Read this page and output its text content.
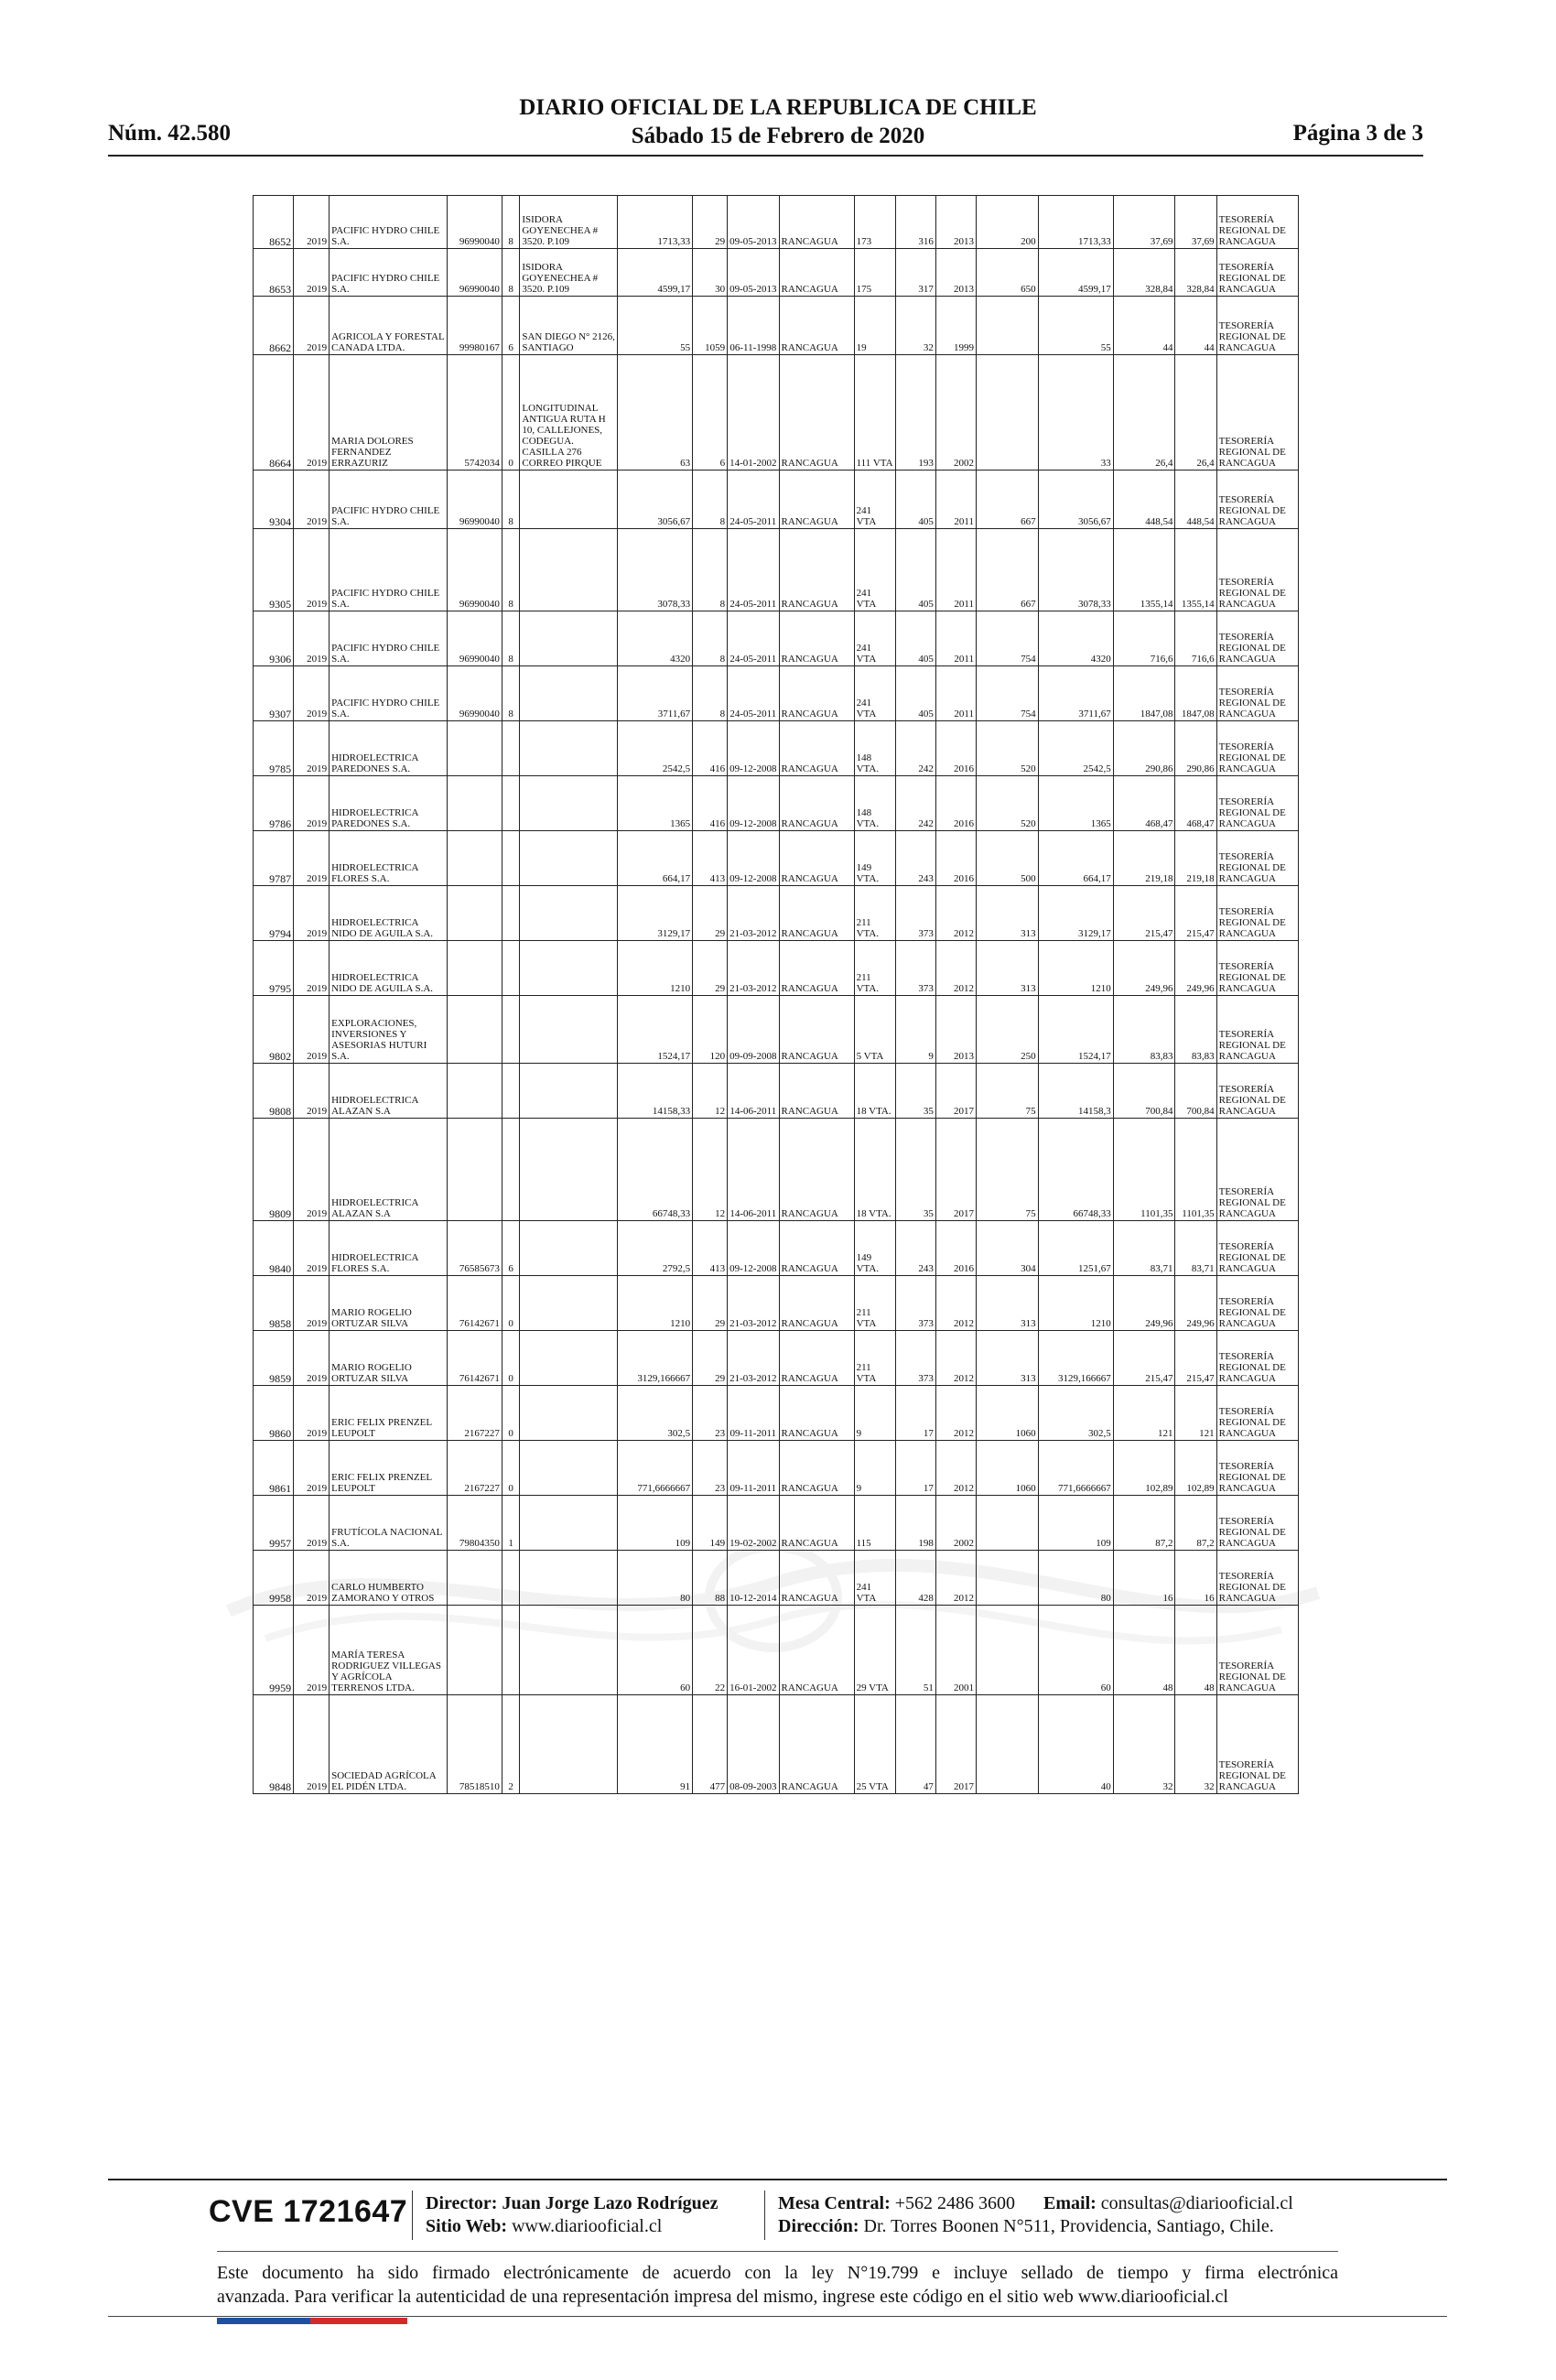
Núm. 42.580
DIARIO OFICIAL DE LA REPUBLICA DE CHILE
Sábado 15 de Febrero de 2020	Página 3 de 3
8652	2019	PACIFIC HYDRO CHILE S.A.	96990040	8	ISIDORA GOYENECHEA # 3520. P.109	1713,33	29	09-05-2013	RANCAGUA	173	316	2013	200	1713,33	37,69	37,69	TESORERÍA REGIONAL DE RANCAGUA
8653	2019	PACIFIC HYDRO CHILE S.A.	96990040	8	ISIDORA GOYENECHEA # 3520. P.109	4599,17	30	09-05-2013	RANCAGUA	175	317	2013	650	4599,17	328,84	328,84	TESORERÍA REGIONAL DE RANCAGUA
8662	2019	AGRICOLA Y FORESTAL CANADA LTDA.	99980167	6	SAN DIEGO N° 2126, SANTIAGO	55	1059	06-11-1998	RANCAGUA	19	32	1999		55	44	44	TESORERÍA REGIONAL DE RANCAGUA
8664	2019	MARIA DOLORES FERNANDEZ ERRAZURIZ	5742034	0	LONGITUDINAL ANTIGUA RUTA H 10, CALLEJONES, CODEGUA. CASILLA 276 CORREO PIRQUE	63	6	14-01-2002	RANCAGUA	111 VTA	193	2002		33	26,4	26,4	TESORERÍA REGIONAL DE RANCAGUA
9304	2019	PACIFIC HYDRO CHILE S.A.	96990040	8		3056,67	8	24-05-2011	RANCAGUA	241 VTA	405	2011	667	3056,67	448,54	448,54	TESORERÍA REGIONAL DE RANCAGUA
9305	2019	PACIFIC HYDRO CHILE S.A.	96990040	8		3078,33	8	24-05-2011	RANCAGUA	241 VTA	405	2011	667	3078,33	1355,14	1355,14	TESORERÍA REGIONAL DE RANCAGUA
9306	2019	PACIFIC HYDRO CHILE S.A.	96990040	8		4320	8	24-05-2011	RANCAGUA	241 VTA	405	2011	754	4320	716,6	716,6	TESORERÍA REGIONAL DE RANCAGUA
9307	2019	PACIFIC HYDRO CHILE S.A.	96990040	8		3711,67	8	24-05-2011	RANCAGUA	241 VTA	405	2011	754	3711,67	1847,08	1847,08	TESORERÍA REGIONAL DE RANCAGUA
9785	2019	HIDROELECTRICA PAREDONES S.A.				2542,5	416	09-12-2008	RANCAGUA	148 VTA.	242	2016	520	2542,5	290,86	290,86	TESORERÍA REGIONAL DE RANCAGUA
9786	2019	HIDROELECTRICA PAREDONES S.A.				1365	416	09-12-2008	RANCAGUA	148 VTA.	242	2016	520	1365	468,47	468,47	TESORERÍA REGIONAL DE RANCAGUA
9787	2019	HIDROELECTRICA FLORES S.A.				664,17	413	09-12-2008	RANCAGUA	149 VTA.	243	2016	500	664,17	219,18	219,18	TESORERÍA REGIONAL DE RANCAGUA
9794	2019	HIDROELECTRICA NIDO DE AGUILA S.A.				3129,17	29	21-03-2012	RANCAGUA	211 VTA.	373	2012	313	3129,17	215,47	215,47	TESORERÍA REGIONAL DE RANCAGUA
9795	2019	HIDROELECTRICA NIDO DE AGUILA S.A.				1210	29	21-03-2012	RANCAGUA	211 VTA.	373	2012	313	1210	249,96	249,96	TESORERÍA REGIONAL DE RANCAGUA
9802	2019	EXPLORACIONES, INVERSIONES Y ASESORIAS HUTURI S.A.				1524,17	120	09-09-2008	RANCAGUA	5 VTA	9	2013	250	1524,17	83,83	83,83	TESORERÍA REGIONAL DE RANCAGUA
9808	2019	HIDROELECTRICA ALAZAN S.A				14158,33	12	14-06-2011	RANCAGUA	18 VTA.	35	2017	75	14158,3	700,84	700,84	TESORERÍA REGIONAL DE RANCAGUA
9809	2019	HIDROELECTRICA ALAZAN S.A				66748,33	12	14-06-2011	RANCAGUA	18 VTA.	35	2017	75	66748,33	1101,35	1101,35	TESORERÍA REGIONAL DE RANCAGUA
9840	2019	HIDROELECTRICA FLORES S.A.	76585673	6		2792,5	413	09-12-2008	RANCAGUA	149 VTA.	243	2016	304	1251,67	83,71	83,71	TESORERÍA REGIONAL DE RANCAGUA
9858	2019	MARIO ROGELIO ORTUZAR SILVA	76142671	0		1210	29	21-03-2012	RANCAGUA	211 VTA	373	2012	313	1210	249,96	249,96	TESORERÍA REGIONAL DE RANCAGUA
9859	2019	MARIO ROGELIO ORTUZAR SILVA	76142671	0		3129,166667	29	21-03-2012	RANCAGUA	211 VTA	373	2012	313	3129,166667	215,47	215,47	TESORERÍA REGIONAL DE RANCAGUA
9860	2019	ERIC FELIX PRENZEL LEUPOLT	2167227	0		302,5	23	09-11-2011	RANCAGUA	9	17	2012	1060	302,5	121	121	TESORERÍA REGIONAL DE RANCAGUA
9861	2019	ERIC FELIX PRENZEL LEUPOLT	2167227	0		771,6666667	23	09-11-2011	RANCAGUA	9	17	2012	1060	771,6666667	102,89	102,89	TESORERÍA REGIONAL DE RANCAGUA
9957	2019	FRUTÍCOLA NACIONAL S.A.	79804350	1		109	149	19-02-2002	RANCAGUA	115	198	2002		109	87,2	87,2	TESORERÍA REGIONAL DE RANCAGUA
9958	2019	CARLO HUMBERTO ZAMORANO Y OTROS				80	88	10-12-2014	RANCAGUA	241 VTA	428	2012		80	16	16	TESORERÍA REGIONAL DE RANCAGUA
9959	2019	MARÍA TERESA RODRIGUEZ VILLEGAS Y AGRÍCOLA TERRENOS LTDA.				60	22	16-01-2002	RANCAGUA	29 VTA	51	2001		60	48	48	TESORERÍA REGIONAL DE RANCAGUA
9848	2019	SOCIEDAD AGRÍCOLA EL PIDÉN LTDA.	78518510	2		91	477	08-09-2003	RANCAGUA	25 VTA	47	2017		40	32	32	TESORERÍA REGIONAL DE RANCAGUA
CVE 1721647 Director: Juan Jorge Lazo Rodríguez
Sitio Web: www.diariooficial.cl
Mesa Central: +562 2486 3600 Email: consultas@diariooficial.cl
Dirección: Dr. Torres Boonen N°511, Providencia, Santiago, Chile.
Este documento ha sido firmado electrónicamente de acuerdo con la ley N°19.799 e incluye sellado de tiempo y firma electrónica
avanzada. Para verificar la autenticidad de una representación impresa del mismo, ingrese este código en el sitio web www.diariooficial.cl
